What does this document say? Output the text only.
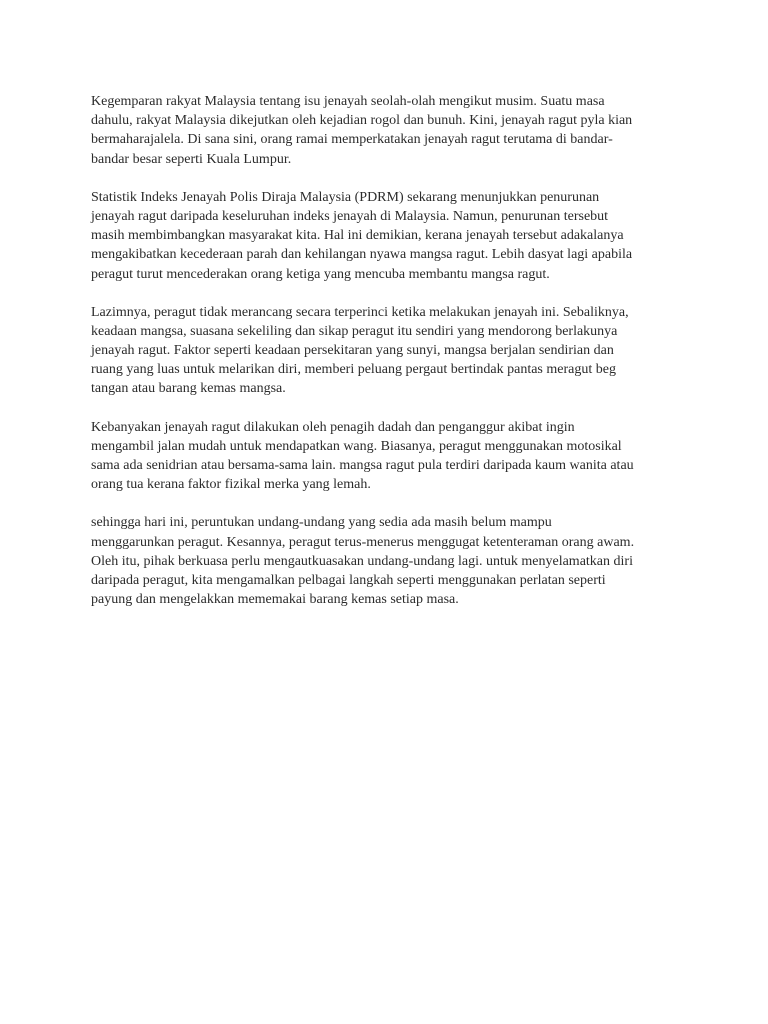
Kegemparan rakyat Malaysia tentang isu jenayah seolah-olah mengikut musim. Suatu masa
dahulu, rakyat Malaysia dikejutkan oleh kejadian rogol dan bunuh. Kini, jenayah ragut pyla kian
bermaharajalela. Di sana sini, orang ramai memperkatakan jenayah ragut terutama di bandar-
bandar besar seperti Kuala Lumpur.
Statistik Indeks Jenayah Polis Diraja Malaysia (PDRM) sekarang menunjukkan penurunan
jenayah ragut daripada keseluruhan indeks jenayah di Malaysia. Namun, penurunan tersebut
masih membimbangkan masyarakat kita. Hal ini demikian, kerana jenayah tersebut adakalanya
mengakibatkan kecederaan parah dan kehilangan nyawa mangsa ragut. Lebih dasyat lagi apabila
peragut turut mencederakan orang ketiga yang mencuba membantu mangsa ragut.
Lazimnya, peragut tidak merancang secara terperinci ketika melakukan jenayah ini. Sebaliknya,
keadaan mangsa, suasana sekeliling dan sikap peragut itu sendiri yang mendorong berlakunya
jenayah ragut. Faktor seperti keadaan persekitaran yang sunyi, mangsa berjalan sendirian dan
ruang yang luas untuk melarikan diri, memberi peluang pergaut bertindak pantas meragut beg
tangan atau barang kemas mangsa.
Kebanyakan jenayah ragut dilakukan oleh penagih dadah dan penganggur akibat ingin
mengambil jalan mudah untuk mendapatkan wang. Biasanya, peragut menggunakan motosikal
sama ada senidrian atau bersama-sama lain. mangsa ragut pula terdiri daripada kaum wanita atau
orang tua kerana faktor fizikal merka yang lemah.
sehingga hari ini, peruntukan undang-undang yang sedia ada masih belum mampu
menggarunkan peragut. Kesannya, peragut terus-menerus menggugat ketenteraman orang awam.
Oleh itu, pihak berkuasa perlu mengautkuasakan undang-undang lagi. untuk menyelamatkan diri
daripada peragut, kita mengamalkan pelbagai langkah seperti menggunakan perlatan seperti
payung dan mengelakkan mememakai barang kemas setiap masa.
